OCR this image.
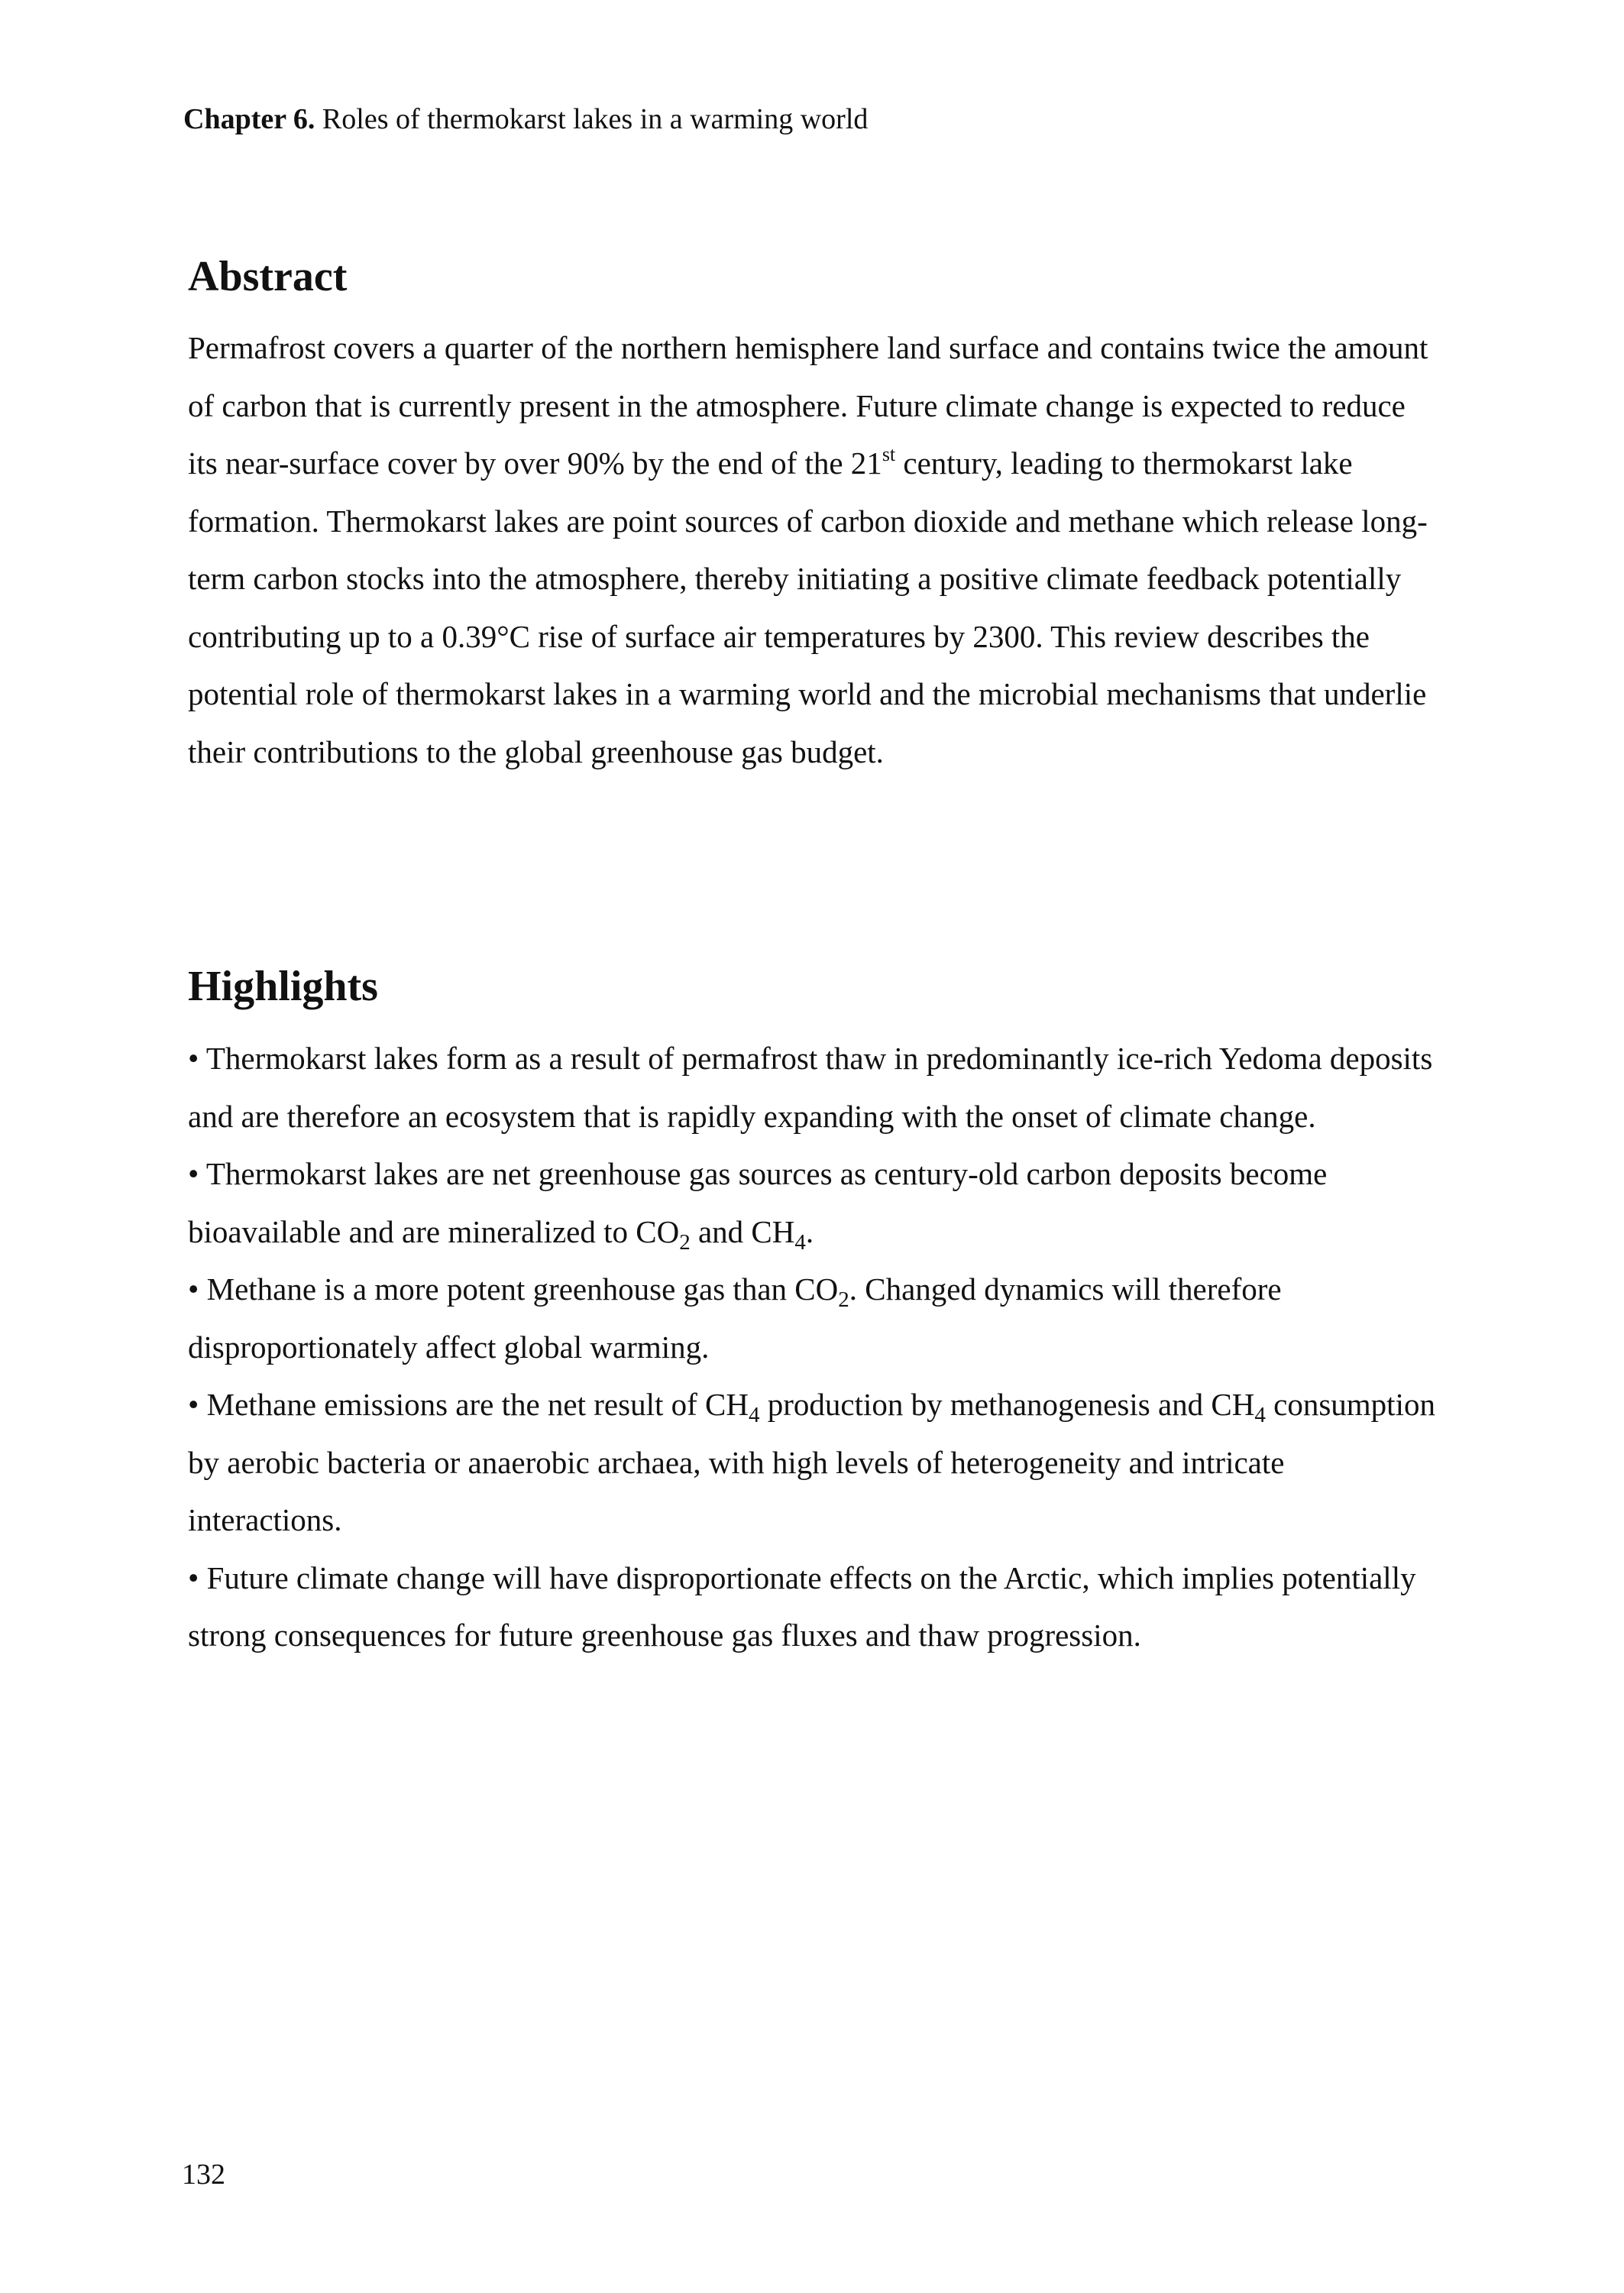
Chapter 6. Roles of thermokarst lakes in a warming world
Abstract
Permafrost covers a quarter of the northern hemisphere land surface and contains twice the amount of carbon that is currently present in the atmosphere. Future climate change is expected to reduce its near-surface cover by over 90% by the end of the 21st century, leading to thermokarst lake formation. Thermokarst lakes are point sources of carbon dioxide and methane which release long-term carbon stocks into the atmosphere, thereby initiating a positive climate feedback potentially contributing up to a 0.39°C rise of surface air temperatures by 2300. This review describes the potential role of thermokarst lakes in a warming world and the microbial mechanisms that underlie their contributions to the global greenhouse gas budget.
Highlights

• Thermokarst lakes form as a result of permafrost thaw in predominantly ice-rich Yedoma deposits and are therefore an ecosystem that is rapidly expanding with the onset of climate change.

• Thermokarst lakes are net greenhouse gas sources as century-old carbon deposits become bioavailable and are mineralized to $CO_2$ and $CH_4$.

• Methane is a more potent greenhouse gas than $CO_2$. Changed dynamics will therefore disproportionately affect global warming.

• Methane emissions are the net result of $CH_4$ production by methanogenesis and $CH_4$ consumption by aerobic bacteria or anaerobic archaea, with high levels of heterogeneity and intricate interactions.

• Future climate change will have disproportionate effects on the Arctic, which implies potentially strong consequences for future greenhouse gas fluxes and thaw progression.

132
